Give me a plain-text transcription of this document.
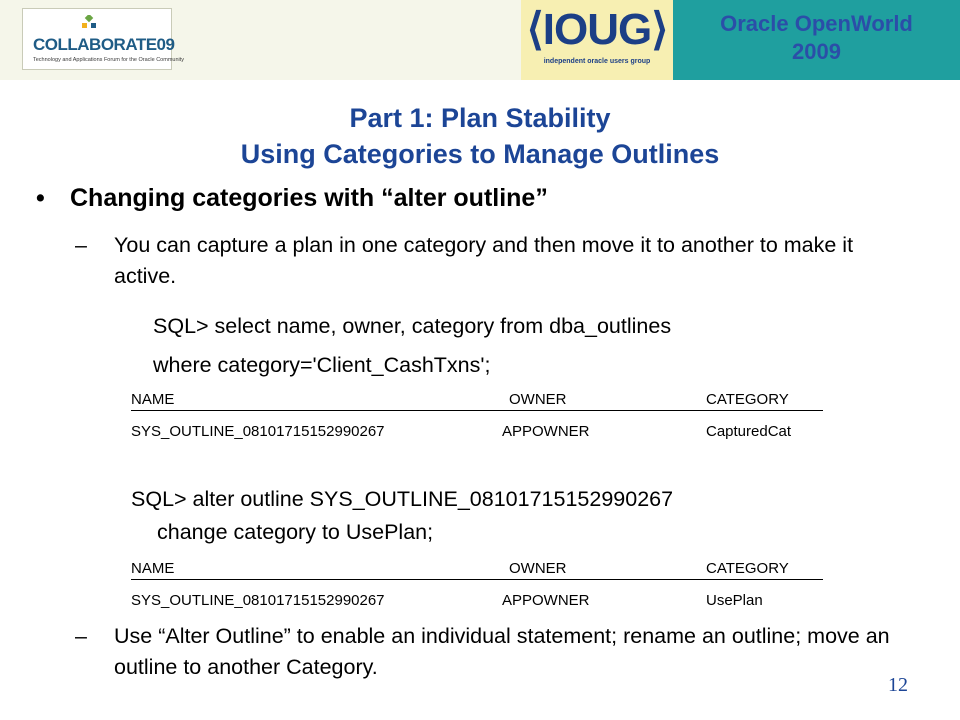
COLLABORATE09
Technology and Applications Forum for the Oracle Community
⟨IOUG⟩
independent oracle users group
Oracle OpenWorld
2009
Part 1: Plan Stability
Using Categories to Manage Outlines
• Changing categories with “alter outline”
– You can capture a plan in one category and then move it to another to make it active.
SQL> select name, owner, category from dba_outlines
where category='Client_CashTxns';
NAME	OWNER	CATEGORY
SYS_OUTLINE_08101715152990267	APPOWNER	CapturedCat
SQL> alter outline SYS_OUTLINE_08101715152990267
change category to UsePlan;
NAME	OWNER	CATEGORY
SYS_OUTLINE_08101715152990267	APPOWNER	UsePlan
– Use “Alter Outline” to enable an individual statement; rename an outline; move an outline to another Category.
12
